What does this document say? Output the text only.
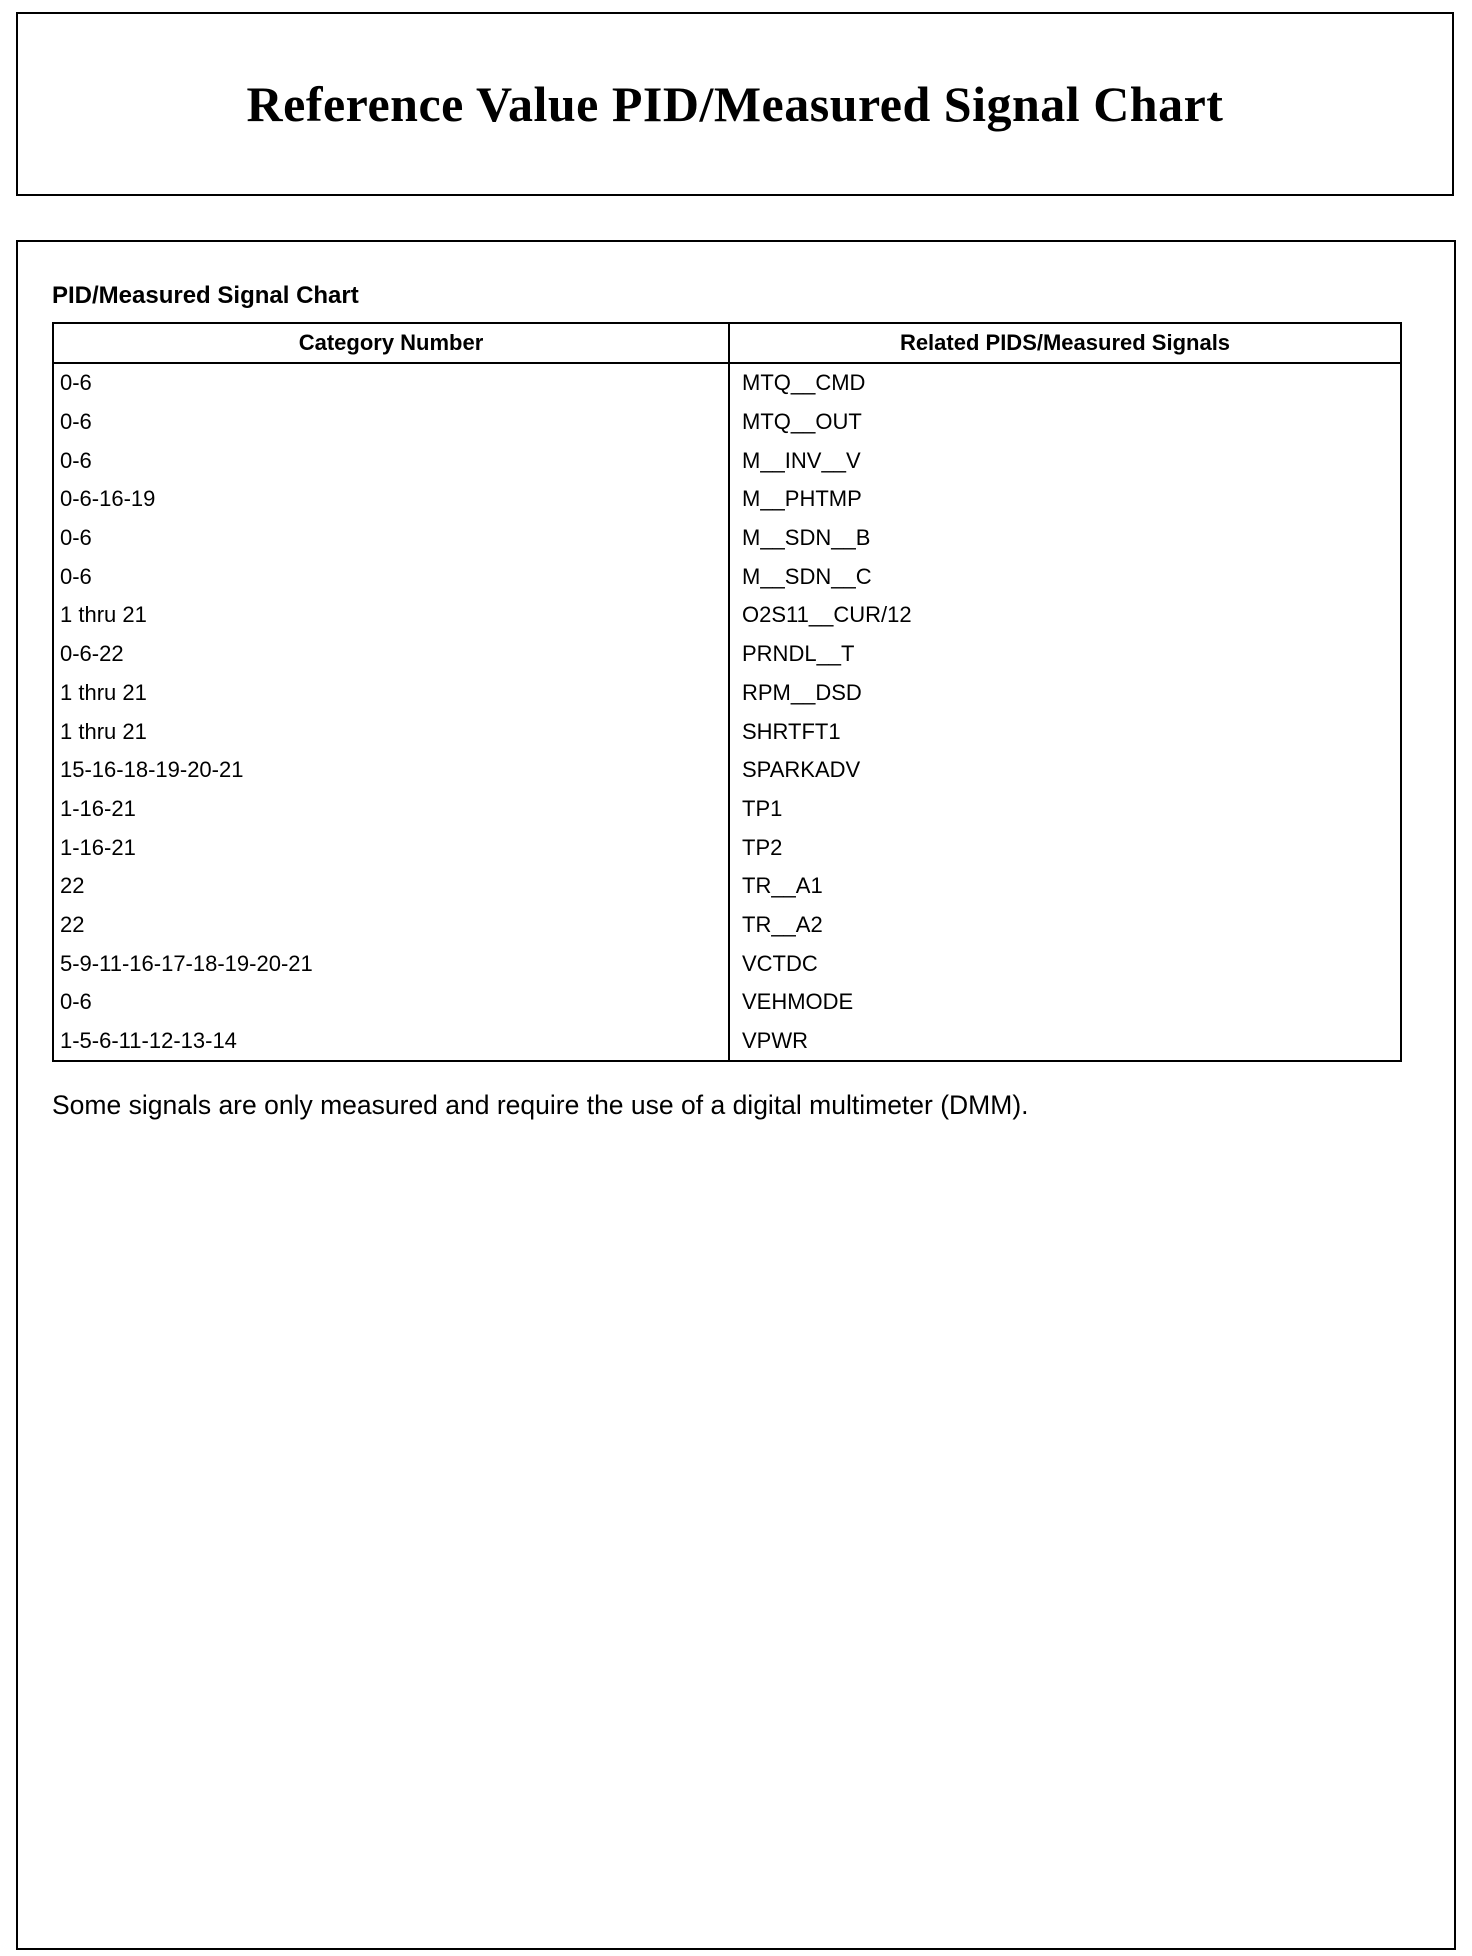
Reference Value PID/Measured Signal Chart
PID/Measured Signal Chart
Category Number	Related PIDS/Measured Signals
0-6	MTQ__CMD
0-6	MTQ__OUT
0-6	M__INV__V
0-6-16-19	M__PHTMP
0-6	M__SDN__B
0-6	M__SDN__C
1 thru 21	O2S11__CUR/12
0-6-22	PRNDL__T
1 thru 21	RPM__DSD
1 thru 21	SHRTFT1
15-16-18-19-20-21	SPARKADV
1-16-21	TP1
1-16-21	TP2
22	TR__A1
22	TR__A2
5-9-11-16-17-18-19-20-21	VCTDC
0-6	VEHMODE
1-5-6-11-12-13-14	VPWR

Some signals are only measured and require the use of a digital multimeter (DMM).
